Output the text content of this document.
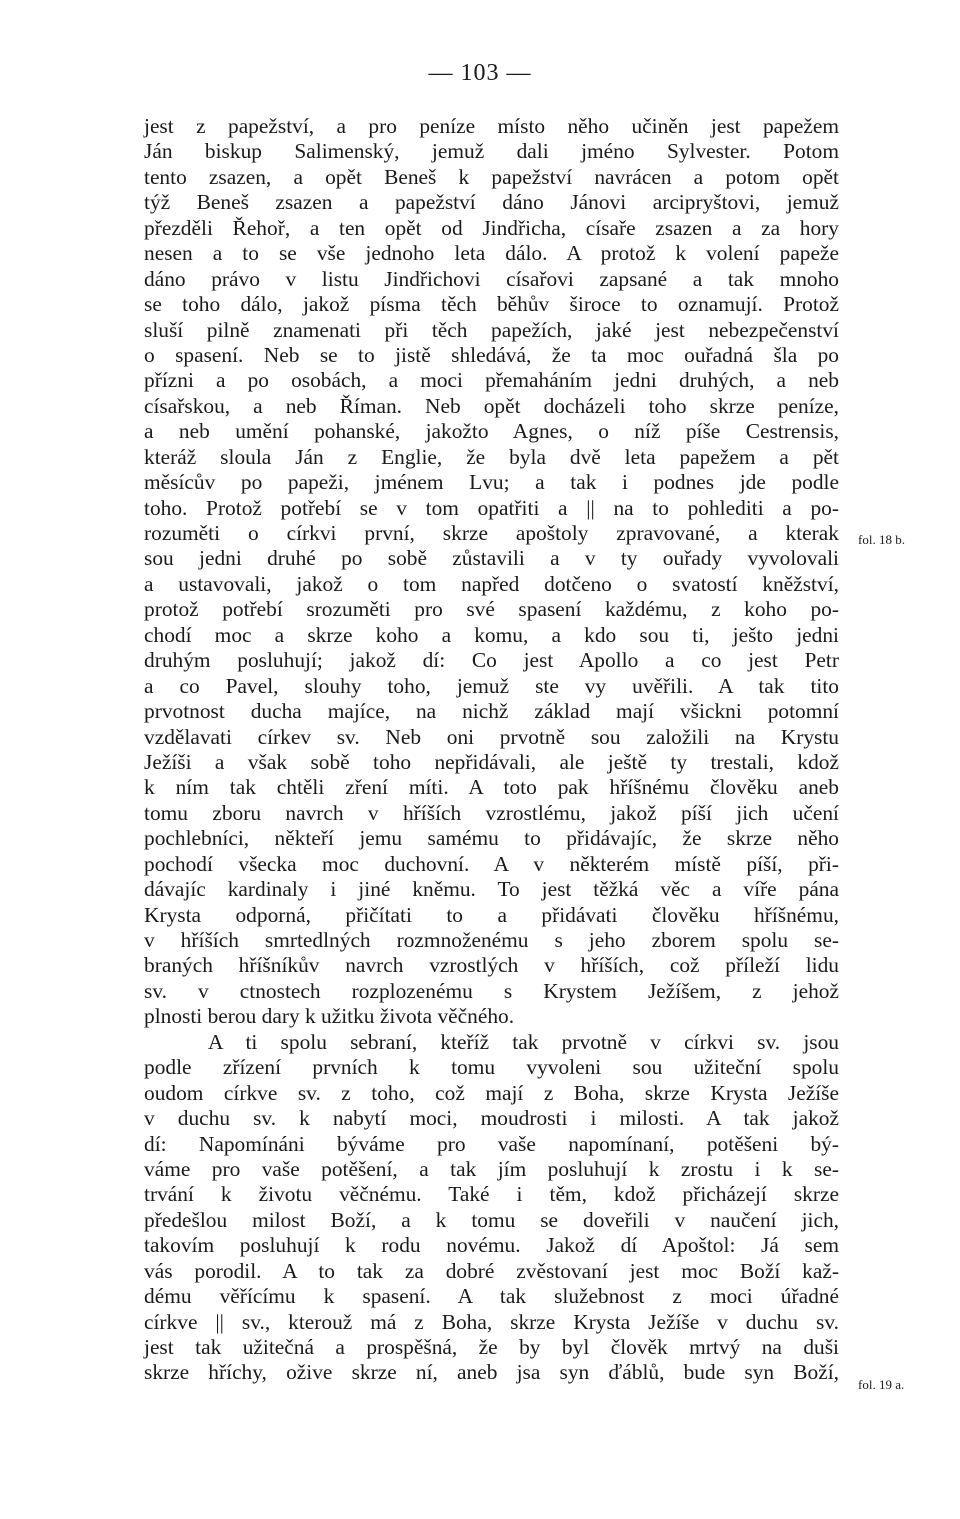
— 103 —
jest z papežství, a pro peníze místo něho učiněn jest papežem
Ján biskup Salimenský, jemuž dali jméno Sylvester. Potom
tento zsazen, a opět Beneš k papežství navrácen a potom opět
týž Beneš zsazen a papežství dáno Jánovi arcipryštovi, jemuž
přezděli Řehoř, a ten opět od Jindřicha, císaře zsazen a za hory
nesen a to se vše jednoho leta dálo. A protož k volení papeže
dáno právo v listu Jindřichovi císařovi zapsané a tak mnoho
se toho dálo, jakož písma těch běhův široce to oznamují. Protož
sluší pilně znamenati při těch papežích, jaké jest nebezpečenství
o spasení. Neb se to jistě shledává, že ta moc ouřadná šla po
přízni a po osobách, a moci přemaháním jedni druhých, a neb
císařskou, a neb Říman. Neb opět docházeli toho skrze peníze,
a neb umění pohanské, jakožto Agnes, o níž píše Cestrensis,
kteráž sloula Ján z Englie, že byla dvě leta papežem a pět
měsícův po papeži, jménem Lvu; a tak i podnes jde podle
toho. Protož potřebí se v tom opatřiti a || na to pohlediti a po-
rozuměti o církvi první, skrze apoštoly zpravované, a kterak
sou jedni druhé po sobě zůstavili a v ty ouřady vyvolovali
a ustavovali, jakož o tom napřed dotčeno o svatostí kněžství,
protož potřebí srozuměti pro své spasení každému, z koho po-
chodí moc a skrze koho a komu, a kdo sou ti, ješto jedni
druhým posluhují; jakož dí: Co jest Apollo a co jest Petr
a co Pavel, slouhy toho, jemuž ste vy uvěřili. A tak tito
prvotnost ducha majíce, na nichž základ mají všickni potomní
vzdělavati církev sv. Neb oni prvotně sou založili na Krystu
Ježíši a však sobě toho nepřidávali, ale ještě ty trestali, kdož
k ním tak chtěli zření míti. A toto pak hříšnému člověku aneb
tomu zboru navrch v hříších vzrostlému, jakož píší jich učení
pochlebníci, někteří jemu samému to přidávajíc, že skrze něho
pochodí všecka moc duchovní. A v některém místě píší, při-
dávajíc kardinaly i jiné kněmu. To jest těžká věc a víře pána
Krysta odporná, přičítati to a přidávati člověku hříšnému,
v hříších smrtedlných rozmnoženému s jeho zborem spolu se-
braných hříšníkův navrch vzrostlých v hříších, což příleží lidu
sv. v ctnostech rozplozenému s Krystem Ježíšem, z jehož
plnosti berou dary k užitku života věčného.
A ti spolu sebraní, kteříž tak prvotně v církvi sv. jsou
podle zřízení prvních k tomu vyvoleni sou užiteční spolu
oudom církve sv. z toho, což mají z Boha, skrze Krysta Ježíše
v duchu sv. k nabytí moci, moudrosti i milosti. A tak jakož
dí: Napomínáni býváme pro vaše napomínaní, potěšeni bý-
váme pro vaše potěšení, a tak jím posluhují k zrostu i k se-
trvání k životu věčnému. Také i těm, kdož přicházejí skrze
předešlou milost Boží, a k tomu se doveřili v naučení jich,
takovím posluhují k rodu novému. Jakož dí Apoštol: Já sem
vás porodil. A to tak za dobré zvěstovaní jest moc Boží kaž-
dému věřícímu k spasení. A tak služebnost z moci úřadné
církve || sv., kterouž má z Boha, skrze Krysta Ježíše v duchu sv.
jest tak užitečná a prospěšná, že by byl člověk mrtvý na duši
skrze hříchy, ožive skrze ní, aneb jsa syn ďáblů, bude syn Boží,
fol. 18 b.
fol. 19 a.
